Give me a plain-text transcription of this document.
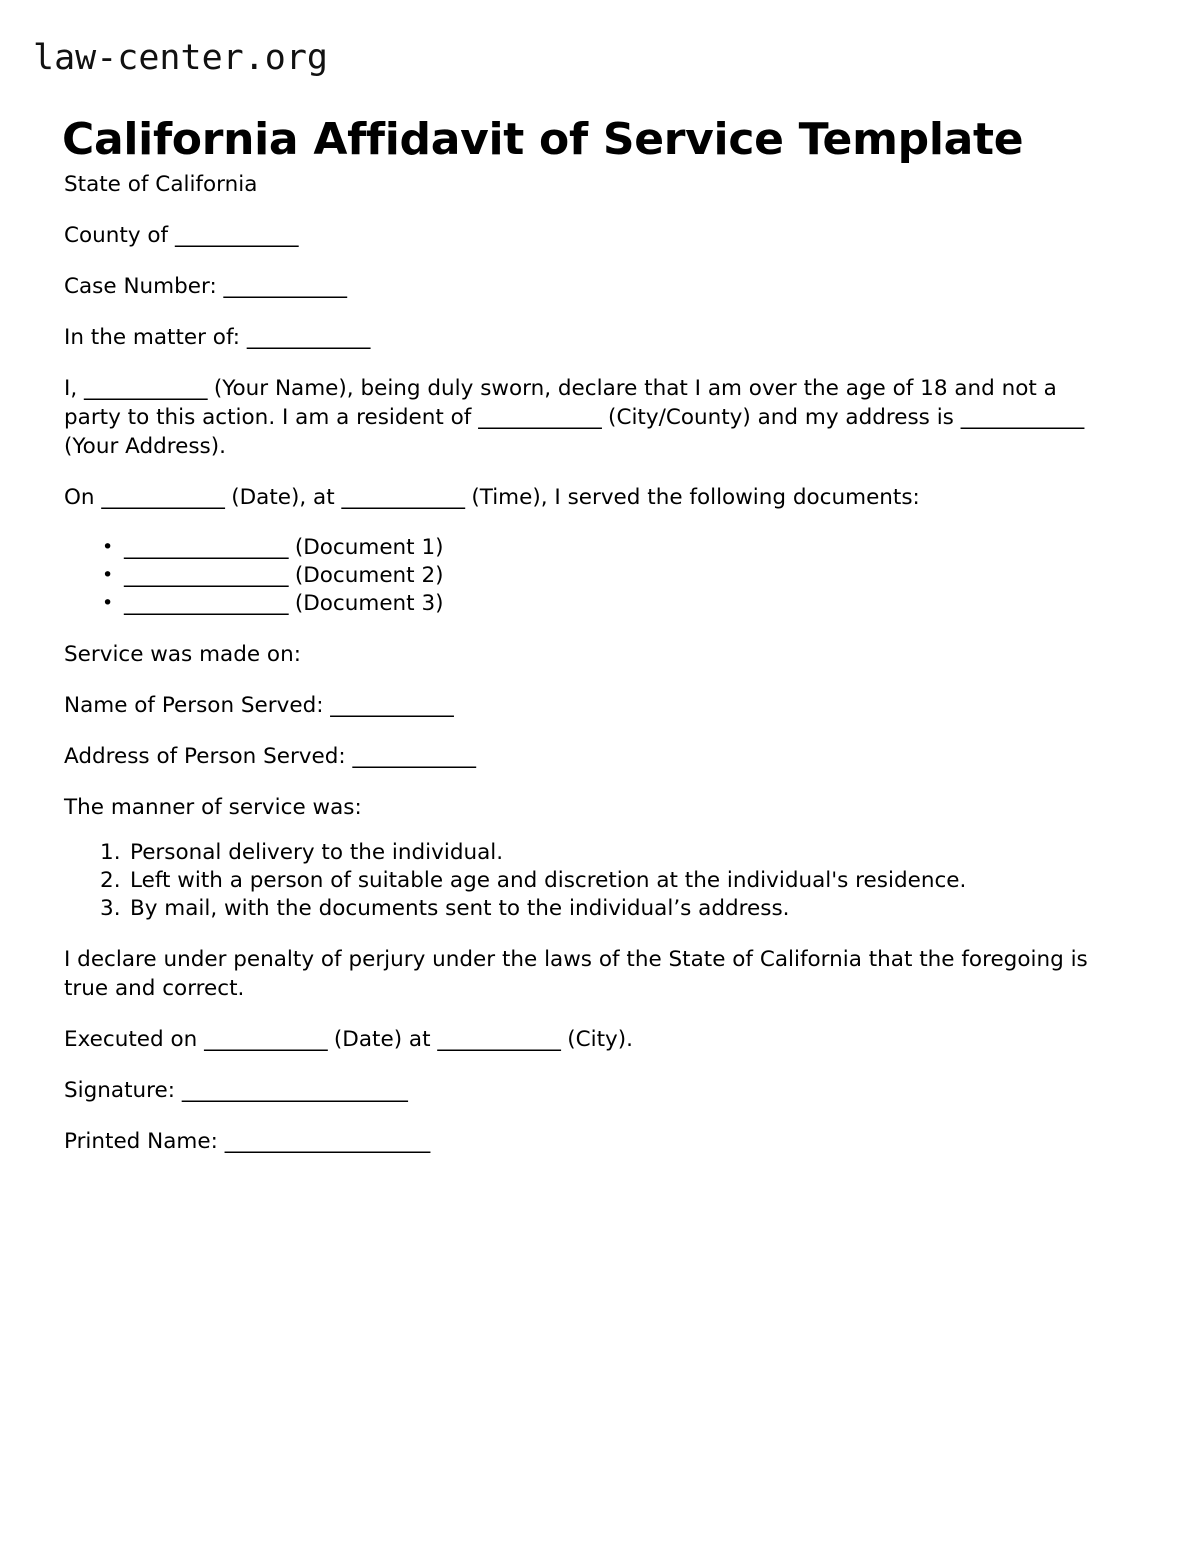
law-center.org
California Affidavit of Service Template

State of California

County of ____________

Case Number: ____________

In the matter of: ____________

I, ____________ (Your Name), being duly sworn, declare that I am over the age of 18 and not a party to this action. I am a resident of ____________ (City/County) and my address is ____________ (Your Address).

On ____________ (Date), at ____________ (Time), I served the following documents:

• ________________ (Document 1)
• ________________ (Document 2)
• ________________ (Document 3)

Service was made on:

Name of Person Served: ____________

Address of Person Served: ____________

The manner of service was:

Personal delivery to the individual.
Left with a person of suitable age and discretion at the individual's residence.
By mail, with the documents sent to the individual’s address.

I declare under penalty of perjury under the laws of the State of California that the foregoing is true and correct.

Executed on ____________ (Date) at ____________ (City).

Signature: ______________________

Printed Name: ____________________
